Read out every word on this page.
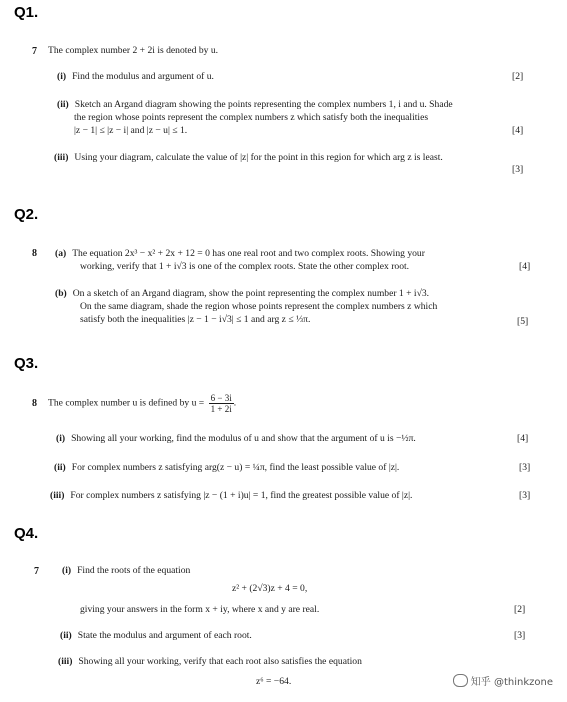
Q1.
7 The complex number 2 + 2i is denoted by u.
(i) Find the modulus and argument of u.	[2]
(ii) Sketch an Argand diagram showing the points representing the complex numbers 1, i and u. Shade
the region whose points represent the complex numbers z which satisfy both the inequalities
|z − 1| ≤ |z − i| and |z − u| ≤ 1.	[4]
(iii) Using your diagram, calculate the value of |z| for the point in this region for which arg z is least.
[3]
Q2.
8 (a) The equation 2x³ − x² + 2x + 12 = 0 has one real root and two complex roots. Showing your
working, verify that 1 + i√3 is one of the complex roots. State the other complex root.	[4]
(b) On a sketch of an Argand diagram, show the point representing the complex number 1 + i√3.
On the same diagram, shade the region whose points represent the complex numbers z which
satisfy both the inequalities |z − 1 − i√3| ≤ 1 and arg z ≤ ⅓π.	[5]
Q3.
8 The complex number u is defined by $u = \frac{6 - 3i}{1 + 2i}$ .
(i) Showing all your working, find the modulus of u and show that the argument of u is −½π.	[4]
(ii) For complex numbers z satisfying arg(z − u) = ¼π, find the least possible value of |z|.	[3]
(iii) For complex numbers z satisfying |z − (1 + i)u| = 1, find the greatest possible value of |z|.	[3]
Q4.
7 (i) Find the roots of the equation
z² + (2√3)z + 4 = 0,
giving your answers in the form x + iy, where x and y are real.	[2]
(ii) State the modulus and argument of each root.	[3]
(iii) Showing all your working, verify that each root also satisfies the equation
z⁶ = −64.	知乎 @thinkzone
